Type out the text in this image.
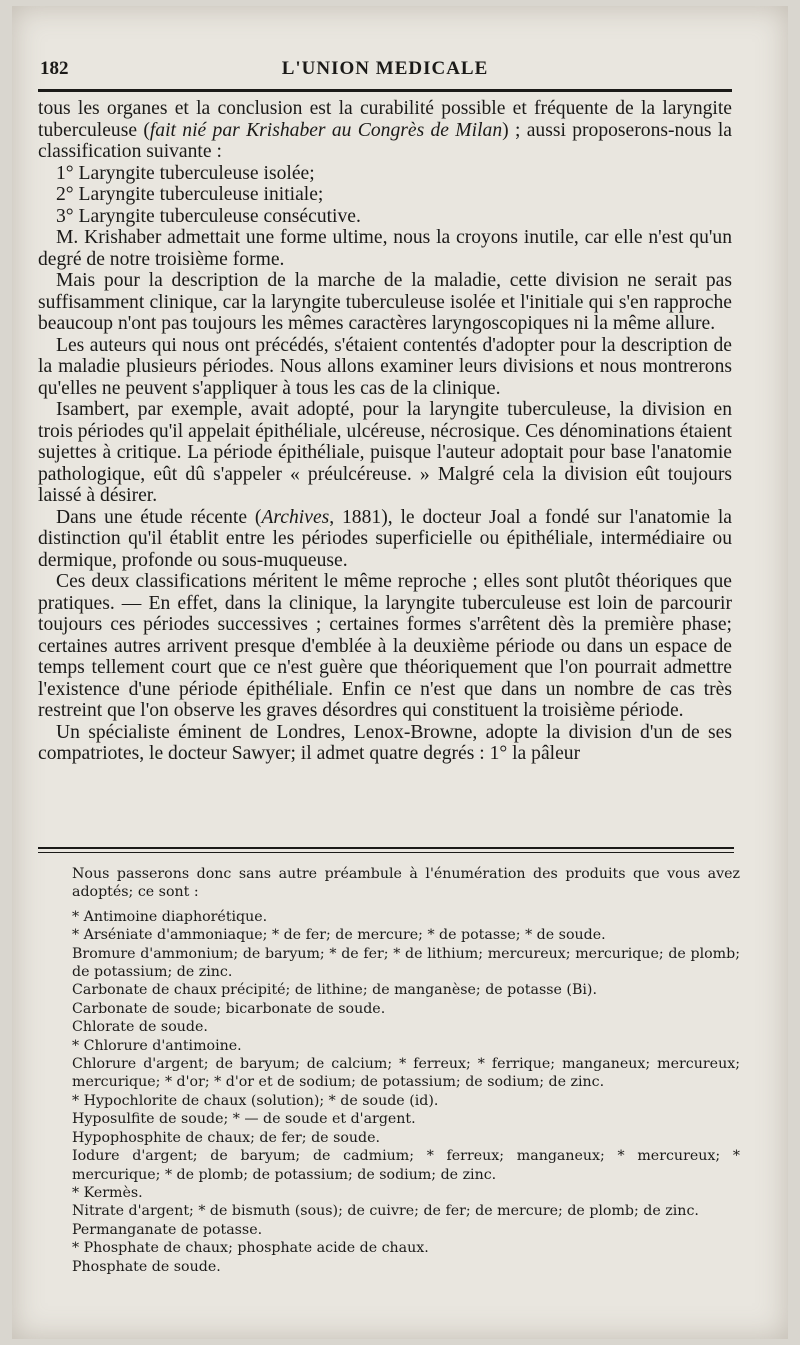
182	L'UNION MEDICALE

tous les organes et la conclusion est la curabilité possible et fréquente de la laryngite tuberculeuse (fait nié par Krishaber au Congrès de Milan) ; aussi proposerons-nous la classification suivante :

1° Laryngite tuberculeuse isolée;

2° Laryngite tuberculeuse initiale;

3° Laryngite tuberculeuse consécutive.

M. Krishaber admettait une forme ultime, nous la croyons inutile, car elle n'est qu'un degré de notre troisième forme.

Mais pour la description de la marche de la maladie, cette division ne serait pas suffisamment clinique, car la laryngite tuberculeuse isolée et l'initiale qui s'en rapproche beaucoup n'ont pas toujours les mêmes caractères laryngoscopiques ni la même allure.

Les auteurs qui nous ont précédés, s'étaient contentés d'adopter pour la description de la maladie plusieurs périodes. Nous allons examiner leurs divisions et nous montrerons qu'elles ne peuvent s'appliquer à tous les cas de la clinique.

Isambert, par exemple, avait adopté, pour la laryngite tuberculeuse, la division en trois périodes qu'il appelait épithéliale, ulcéreuse, nécrosique. Ces dénominations étaient sujettes à critique. La période épithéliale, puisque l'auteur adoptait pour base l'anatomie pathologique, eût dû s'appeler « préulcéreuse. » Malgré cela la division eût toujours laissé à désirer.

Dans une étude récente (Archives, 1881), le docteur Joal a fondé sur l'anatomie la distinction qu'il établit entre les périodes superficielle ou épithéliale, intermédiaire ou dermique, profonde ou sous-muqueuse.

Ces deux classifications méritent le même reproche ; elles sont plutôt théoriques que pratiques. — En effet, dans la clinique, la laryngite tuberculeuse est loin de parcourir toujours ces périodes successives ; certaines formes s'arrêtent dès la première phase; certaines autres arrivent presque d'emblée à la deuxième période ou dans un espace de temps tellement court que ce n'est guère que théoriquement que l'on pourrait admettre l'existence d'une période épithéliale. Enfin ce n'est que dans un nombre de cas très restreint que l'on observe les graves désordres qui constituent la troisième période.

Un spécialiste éminent de Londres, Lenox-Browne, adopte la division d'un de ses compatriotes, le docteur Sawyer; il admet quatre degrés : 1° la pâleur

Nous passerons donc sans autre préambule à l'énumération des produits que vous avez adoptés; ce sont :

* Antimoine diaphorétique.

* Arséniate d'ammoniaque; * de fer; de mercure; * de potasse; * de soude.

Bromure d'ammonium; de baryum; * de fer; * de lithium; mercureux; mercurique; de plomb; de potassium; de zinc.

Carbonate de chaux précipité; de lithine; de manganèse; de potasse (Bi).

Carbonate de soude; bicarbonate de soude.

Chlorate de soude.

* Chlorure d'antimoine.

Chlorure d'argent; de baryum; de calcium; * ferreux; * ferrique; manganeux; mercureux; mercurique; * d'or; * d'or et de sodium; de potassium; de sodium; de zinc.

* Hypochlorite de chaux (solution); * de soude (id).

Hyposulfite de soude; * — de soude et d'argent.

Hypophosphite de chaux; de fer; de soude.

Iodure d'argent; de baryum; de cadmium; * ferreux; manganeux; * mercureux; * mercurique; * de plomb; de potassium; de sodium; de zinc.

* Kermès.

Nitrate d'argent; * de bismuth (sous); de cuivre; de fer; de mercure; de plomb; de zinc.

Permanganate de potasse.

* Phosphate de chaux; phosphate acide de chaux.

Phosphate de soude.
